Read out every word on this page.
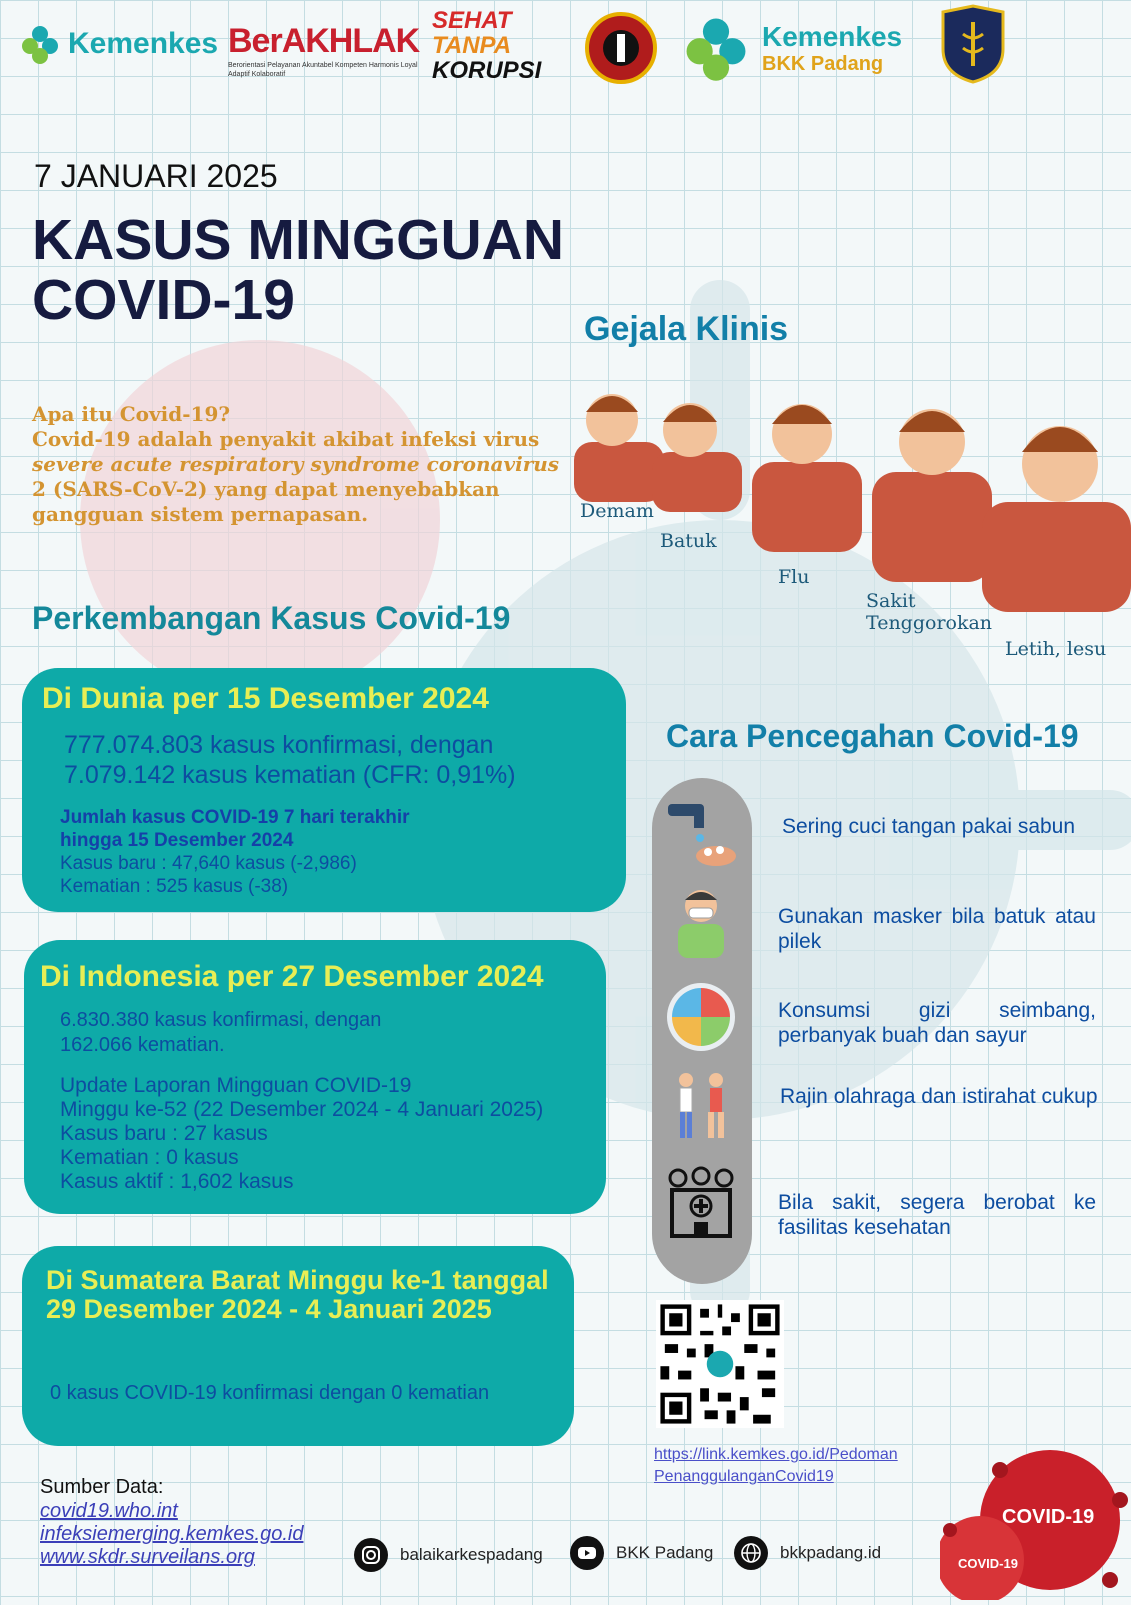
Kemenkes BerAKHLAK
Berorientasi Pelayanan Akuntabel Kompeten Harmonis Loyal Adaptif Kolaboratif
SEHAT
TANPA
KORUPSI
Kemenkes
BKK Padang
7 JANUARI 2025
KASUS MINGGUAN
COVID-19
Apa itu Covid-19?
Covid-19 adalah penyakit akibat infeksi virus
severe acute respiratory syndrome coronavirus
2 (SARS-CoV-2) yang dapat menyebabkan gangguan sistem pernapasan.
Gejala Klinis
Demam
Batuk
Flu
Sakit Tenggorokan
Letih, lesu
Perkembangan Kasus Covid-19
Di Dunia per 15 Desember 2024
777.074.803 kasus konfirmasi, dengan
7.079.142 kasus kematian (CFR: 0,91%)
Jumlah kasus COVID-19 7 hari terakhir
hingga 15 Desember 2024
Kasus baru : 47,640 kasus (-2,986)
Kematian : 525 kasus (-38)
Di Indonesia per 27 Desember 2024
6.830.380 kasus konfirmasi, dengan
162.066 kematian.
Update Laporan Mingguan COVID-19
Minggu ke-52 (22 Desember 2024 - 4 Januari 2025)
Kasus baru : 27 kasus
Kematian : 0 kasus
Kasus aktif : 1,602 kasus
Di Sumatera Barat Minggu ke-1 tanggal 29 Desember 2024 - 4 Januari 2025
0 kasus COVID-19 konfirmasi dengan 0 kematian
Cara Pencegahan Covid-19
Sering cuci tangan pakai sabun
Gunakan masker bila batuk atau pilek
Konsumsi gizi seimbang, perbanyak buah dan sayur
Rajin olahraga dan istirahat cukup
Bila sakit, segera berobat ke fasilitas kesehatan
https://link.kemkes.go.id/Pedoman
PenanggulanganCovid19
Sumber Data:
covid19.who.int
infeksiemerging.kemkes.go.id
www.skdr.surveilans.org	balaikarkespadang	BKK Padang	bkkpadang.id
COVID-19
COVID-19
